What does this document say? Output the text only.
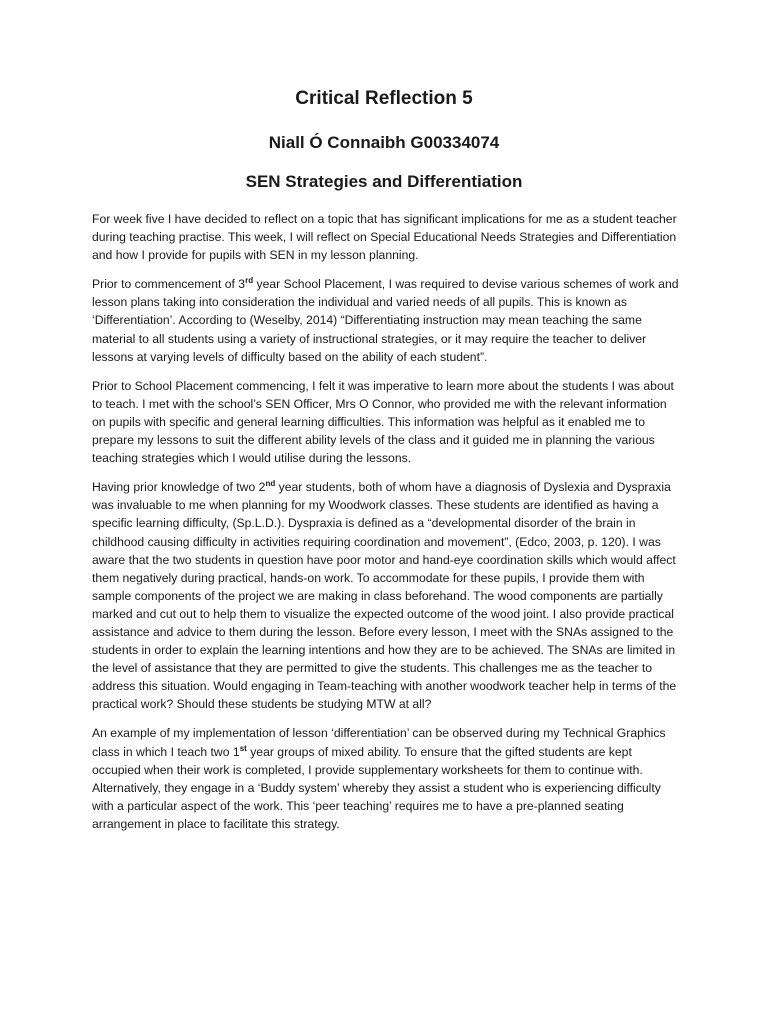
Critical Reflection 5
Niall Ó Connaibh G00334074
SEN Strategies and Differentiation

For week five I have decided to reflect on a topic that has significant implications for me as a student teacher during teaching practise. This week, I will reflect on Special Educational Needs Strategies and Differentiation and how I provide for pupils with SEN in my lesson planning.

Prior to commencement of 3rd year School Placement, I was required to devise various schemes of work and lesson plans taking into consideration the individual and varied needs of all pupils. This is known as ‘Differentiation’. According to (Weselby, 2014) “Differentiating instruction may mean teaching the same material to all students using a variety of instructional strategies, or it may require the teacher to deliver lessons at varying levels of difficulty based on the ability of each student”.

Prior to School Placement commencing, I felt it was imperative to learn more about the students I was about to teach. I met with the school’s SEN Officer, Mrs O Connor, who provided me with the relevant information on pupils with specific and general learning difficulties. This information was helpful as it enabled me to prepare my lessons to suit the different ability levels of the class and it guided me in planning the various teaching strategies which I would utilise during the lessons.

Having prior knowledge of two 2nd year students, both of whom have a diagnosis of Dyslexia and Dyspraxia was invaluable to me when planning for my Woodwork classes. These students are identified as having a specific learning difficulty, (Sp.L.D.). Dyspraxia is defined as a “developmental disorder of the brain in childhood causing difficulty in activities requiring coordination and movement”, (Edco, 2003, p. 120). I was aware that the two students in question have poor motor and hand-eye coordination skills which would affect them negatively during practical, hands-on work. To accommodate for these pupils, I provide them with sample components of the project we are making in class beforehand. The wood components are partially marked and cut out to help them to visualize the expected outcome of the wood joint. I also provide practical assistance and advice to them during the lesson. Before every lesson, I meet with the SNAs assigned to the students in order to explain the learning intentions and how they are to be achieved. The SNAs are limited in the level of assistance that they are permitted to give the students. This challenges me as the teacher to address this situation. Would engaging in Team-teaching with another woodwork teacher help in terms of the practical work? Should these students be studying MTW at all?

An example of my implementation of lesson ‘differentiation’ can be observed during my Technical Graphics class in which I teach two 1st year groups of mixed ability. To ensure that the gifted students are kept occupied when their work is completed, I provide supplementary worksheets for them to continue with. Alternatively, they engage in a ‘Buddy system’ whereby they assist a student who is experiencing difficulty with a particular aspect of the work. This ‘peer teaching’ requires me to have a pre-planned seating arrangement in place to facilitate this strategy.
